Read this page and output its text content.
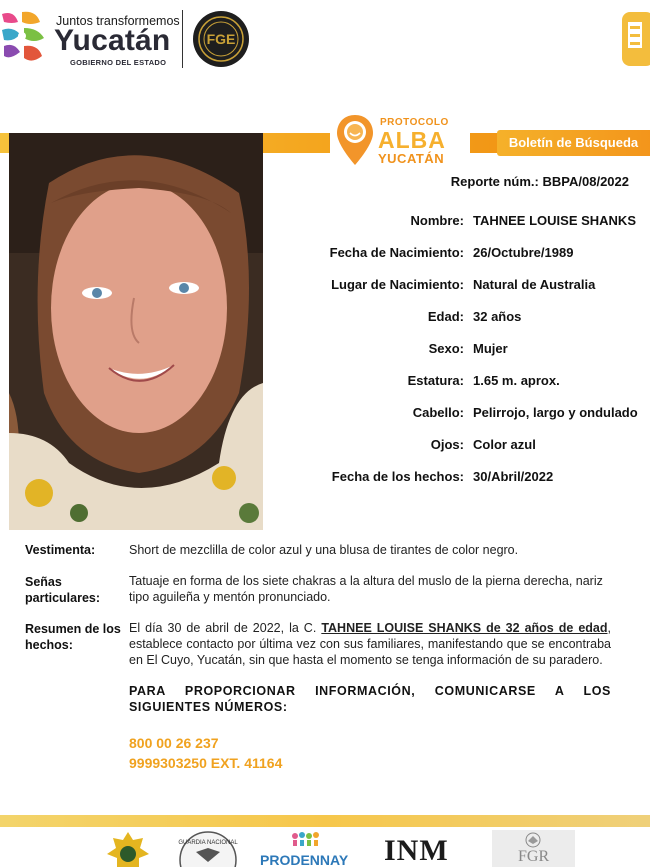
Juntos transformemos
Yucatán
GOBIERNO DEL ESTADO
FGE
Boletín de Búsqueda
PROTOCOLO
ALBA
YUCATÁN
Reporte núm.: BBPA/08/2022
Nombre: TAHNEE LOUISE SHANKS
Fecha de Nacimiento: 26/Octubre/1989
Lugar de Nacimiento: Natural de Australia
Edad: 32 años
Sexo: Mujer
Estatura: 1.65 m. aprox.
Cabello: Pelirrojo, largo y ondulado
Ojos: Color azul
Fecha de los hechos: 30/Abril/2022
Vestimenta:	Short de mezclilla de color azul y una blusa de tirantes de color negro.
Señas
particulares:
Tatuaje en forma de los siete chakras a la altura del muslo de la pierna derecha, nariz tipo aguileña y mentón pronunciado.
Resumen de los
hechos:
El día 30 de abril de 2022, la C. TAHNEE LOUISE SHANKS de 32 años de edad, establece contacto por última vez con sus familiares, manifestando que se encontraba en El Cuyo, Yucatán, sin que hasta el momento se tenga información de su paradero.
PARA PROPORCIONAR INFORMACIÓN, COMUNICARSE A LOS SIGUIENTES NÚMEROS:
800 00 26 237
9999303250 EXT. 41164
GUARDIA NACIONAL
PRODENNAY INM	FGR
